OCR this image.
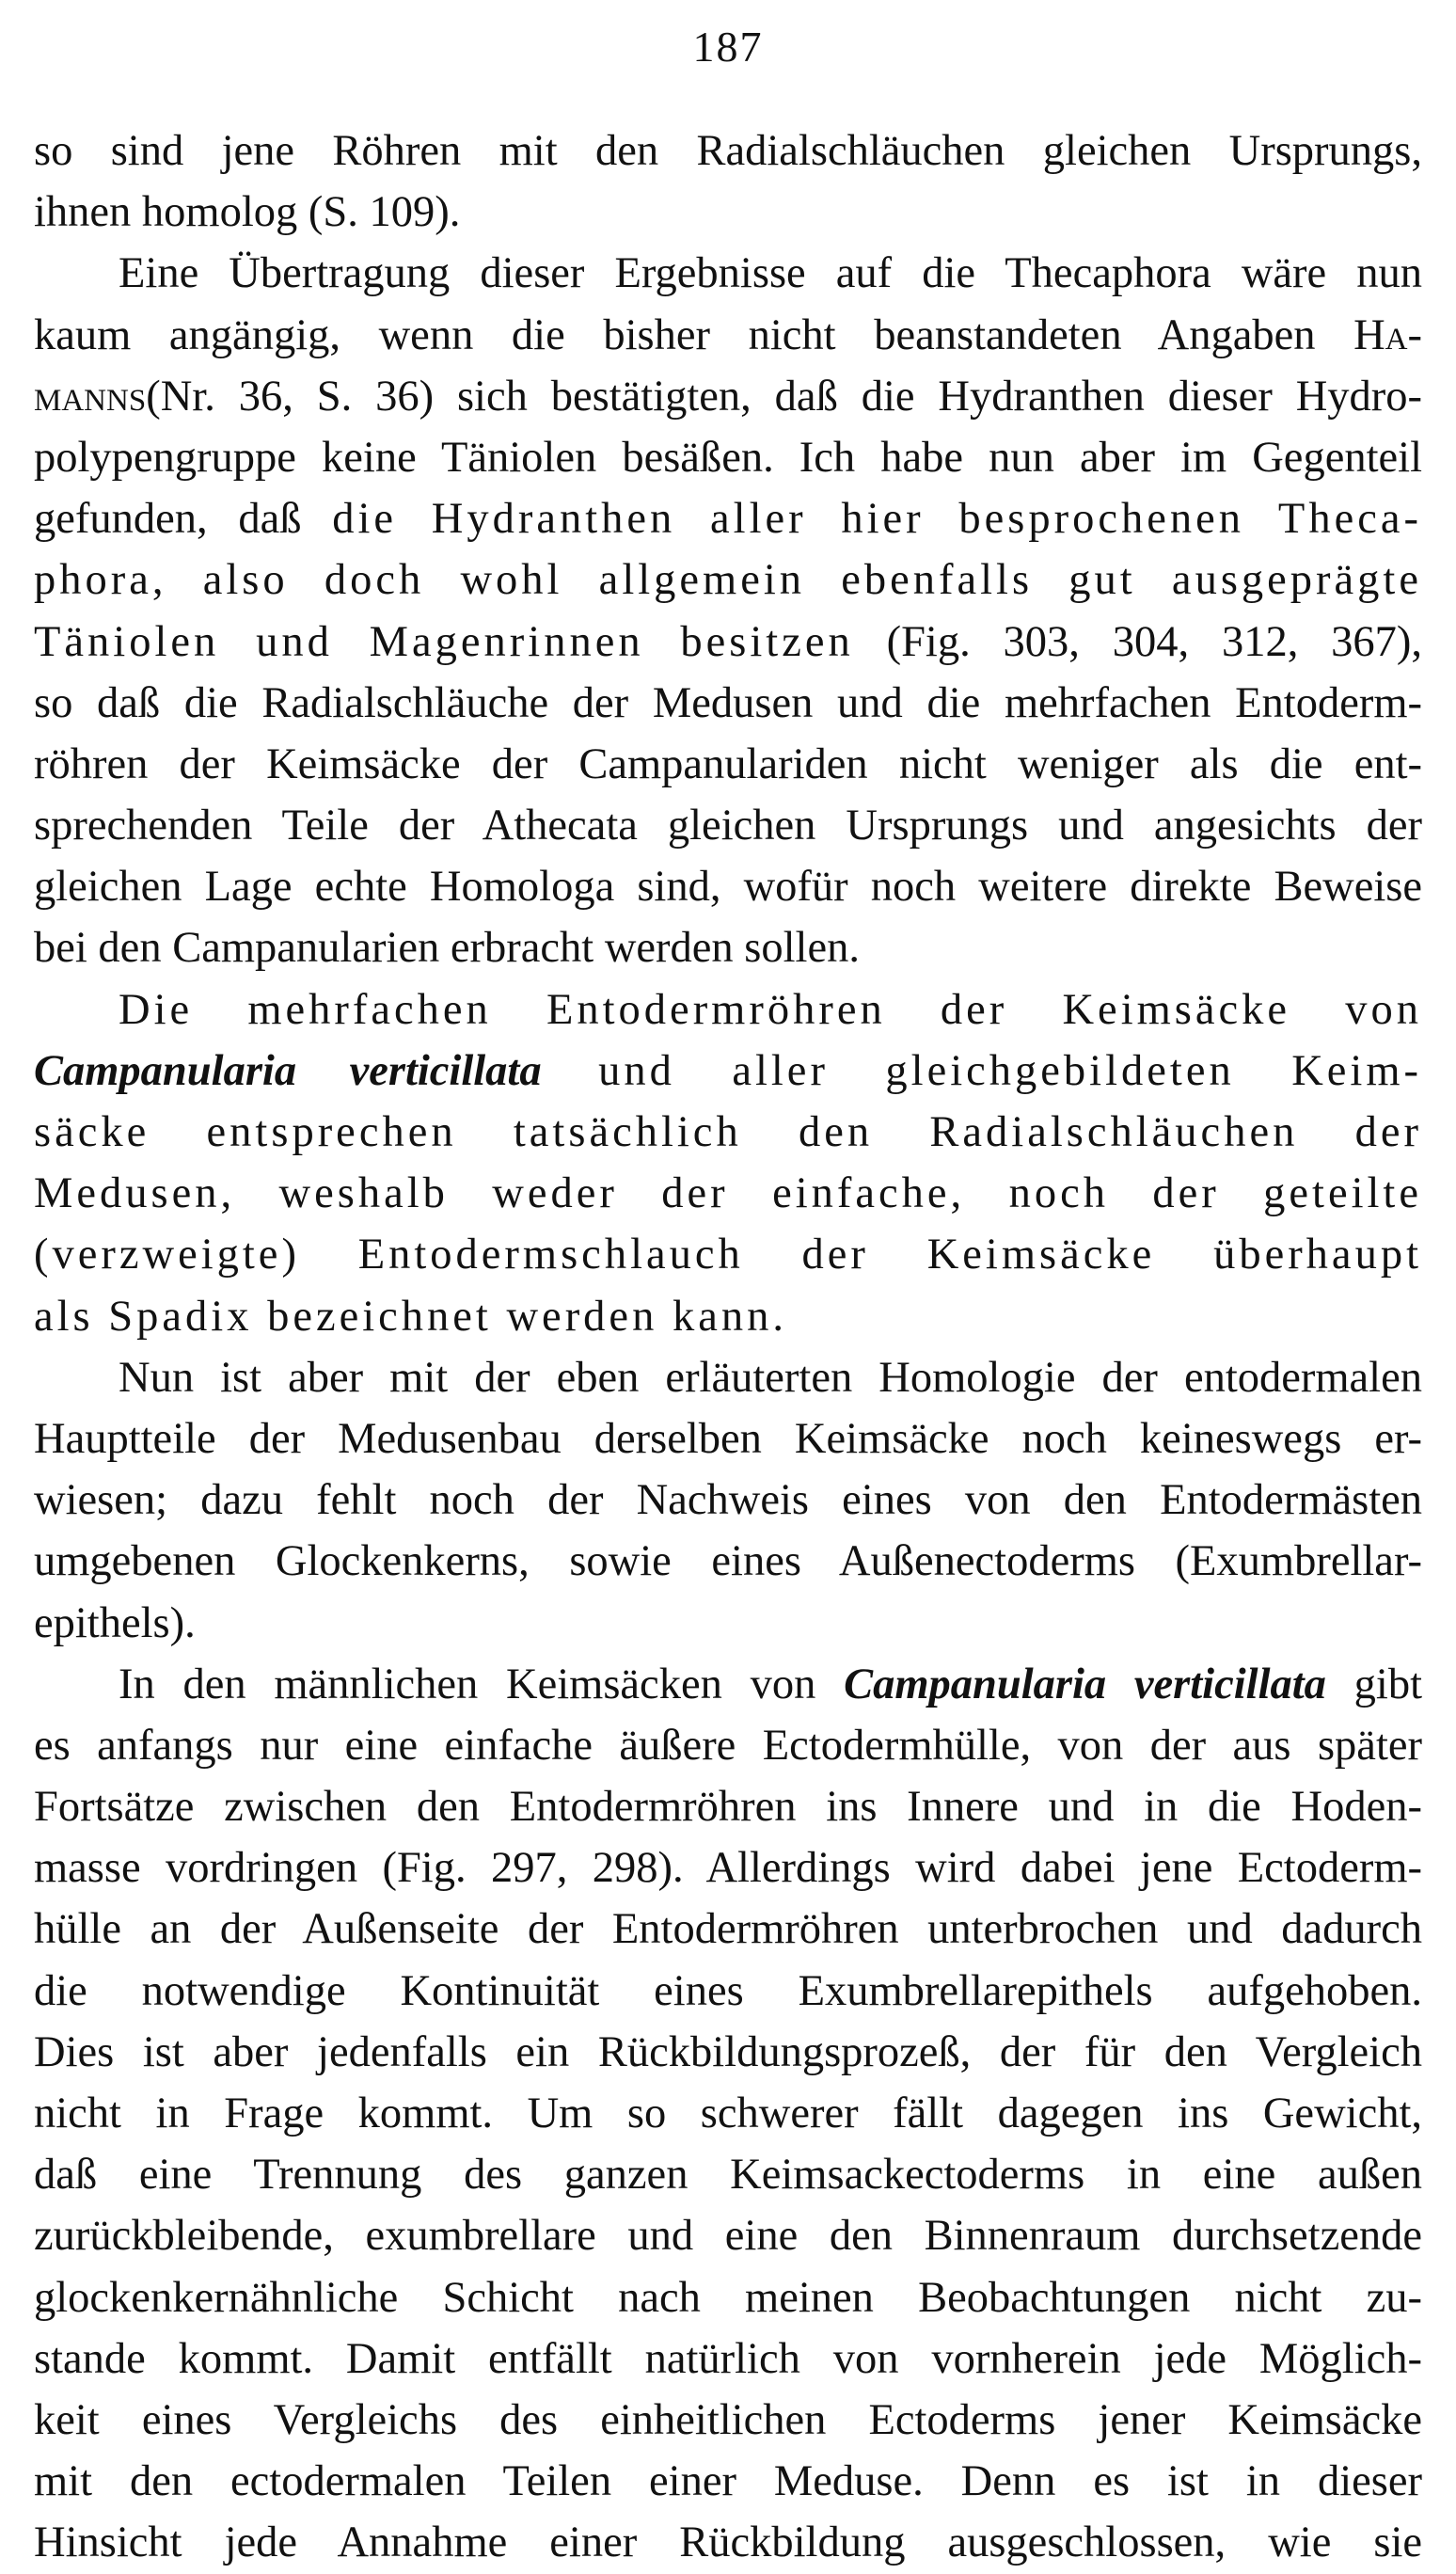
187
so sind jene Röhren mit den Radialschläuchen gleichen Ursprungs,
ihnen homolog (S. 109).
Eine Übertragung dieser Ergebnisse auf die Thecaphora wäre nun
kaum angängig, wenn die bisher nicht beanstandeten Angaben Ha-
manns(Nr. 36, S. 36) sich bestätigten, daß die Hydranthen dieser Hydro-
polypengruppe keine Täniolen besäßen. Ich habe nun aber im Gegenteil
gefunden, daß die Hydranthen aller hier besprochenen Theca-
phora, also doch wohl allgemein ebenfalls gut ausgeprägte
Täniolen und Magenrinnen besitzen (Fig. 303, 304, 312, 367),
so daß die Radialschläuche der Medusen und die mehrfachen Entoderm-
röhren der Keimsäcke der Campanulariden nicht weniger als die ent-
sprechenden Teile der Athecata gleichen Ursprungs und angesichts der
gleichen Lage echte Homologa sind, wofür noch weitere direkte Beweise
bei den Campanularien erbracht werden sollen.
Die mehrfachen Entodermröhren der Keimsäcke von
Campanularia verticillata und aller gleichgebildeten Keim-
säcke entsprechen tatsächlich den Radialschläuchen der
Medusen, weshalb weder der einfache, noch der geteilte
(verzweigte) Entodermschlauch der Keimsäcke überhaupt
als Spadix bezeichnet werden kann.
Nun ist aber mit der eben erläuterten Homologie der entodermalen
Hauptteile der Medusenbau derselben Keimsäcke noch keineswegs er-
wiesen; dazu fehlt noch der Nachweis eines von den Entodermästen
umgebenen Glockenkerns, sowie eines Außenectoderms (Exumbrellar-
epithels).
In den männlichen Keimsäcken von Campanularia verticillata gibt
es anfangs nur eine einfache äußere Ectodermhülle, von der aus später
Fortsätze zwischen den Entodermröhren ins Innere und in die Hoden-
masse vordringen (Fig. 297, 298). Allerdings wird dabei jene Ectoderm-
hülle an der Außenseite der Entodermröhren unterbrochen und dadurch
die notwendige Kontinuität eines Exumbrellarepithels aufgehoben.
Dies ist aber jedenfalls ein Rückbildungsprozeß, der für den Vergleich
nicht in Frage kommt. Um so schwerer fällt dagegen ins Gewicht,
daß eine Trennung des ganzen Keimsackectoderms in eine außen
zurückbleibende, exumbrellare und eine den Binnenraum durchsetzende
glockenkernähnliche Schicht nach meinen Beobachtungen nicht zu-
stande kommt. Damit entfällt natürlich von vornherein jede Möglich-
keit eines Vergleichs des einheitlichen Ectoderms jener Keimsäcke
mit den ectodermalen Teilen einer Meduse. Denn es ist in dieser
Hinsicht jede Annahme einer Rückbildung ausgeschlossen, wie sie
